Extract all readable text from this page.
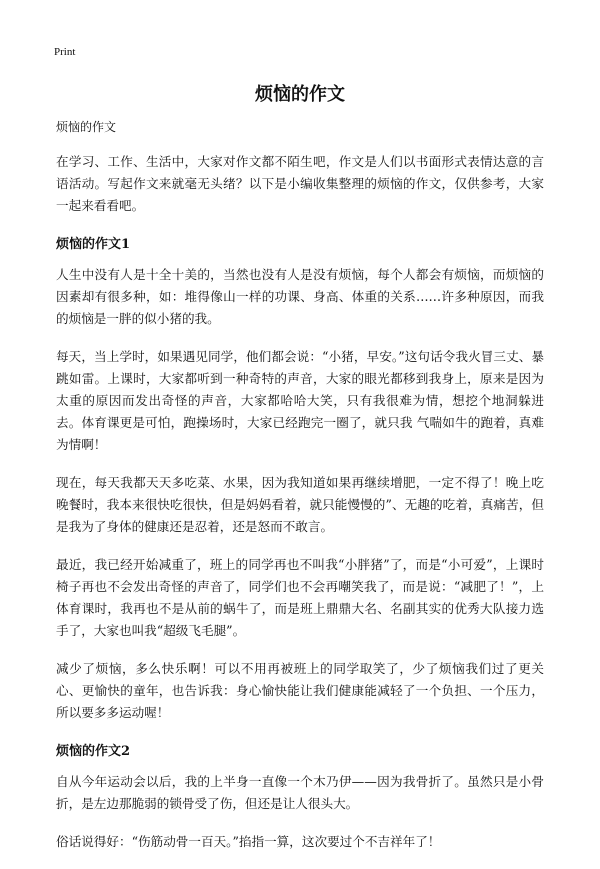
Print
烦恼的作文
烦恼的作文

在学习、工作、生活中，大家对作文都不陌生吧，作文是人们以书面形式表情达意的言语活动。写起作文来就毫无头绪？以下是小编收集整理的烦恼的作文，仅供参考，大家一起来看看吧。

烦恼的作文1

人生中没有人是十全十美的，当然也没有人是没有烦恼，每个人都会有烦恼，而烦恼的因素却有很多种，如：堆得像山一样的功课、身高、体重的关系……许多种原因，而我的烦恼是一胖的似小猪的我。

每天，当上学时，如果遇见同学，他们都会说：“小猪，早安。”这句话令我火冒三丈、暴跳如雷。上课时，大家都听到一种奇特的声音，大家的眼光都移到我身上，原来是因为太重的原因而发出奇怪的声音，大家都哈哈大笑，只有我很难为情，想挖个地洞躲进去。体育课更是可怕，跑操场时，大家已经跑完一圈了，就只我 气喘如牛的跑着，真难为情啊！

现在，每天我都天天多吃菜、水果，因为我知道如果再继续增肥，一定不得了！晚上吃晚餐时，我本来很快吃很快，但是妈妈看着，就只能慢慢的”、无趣的吃着，真痛苦，但是我为了身体的健康还是忍着，还是怒而不敢言。

最近，我已经开始减重了，班上的同学再也不叫我“小胖猪”了，而是“小可爱”，上课时椅子再也不会发出奇怪的声音了，同学们也不会再嘲笑我了，而是说：“减肥了！”，上体育课时，我再也不是从前的蜗牛了，而是班上鼎鼎大名、名副其实的优秀大队接力选手了，大家也叫我“超级飞毛腿”。

减少了烦恼，多么快乐啊！可以不用再被班上的同学取笑了，少了烦恼我们过了更关心、更愉快的童年，也告诉我：身心愉快能让我们健康能减轻了一个负担、一个压力，所以要多多运动喔！

烦恼的作文2

自从今年运动会以后，我的上半身一直像一个木乃伊——因为我骨折了。虽然只是小骨折，是左边那脆弱的锁骨受了伤，但还是让人很头大。

俗话说得好：“伤筋动骨一百天。”掐指一算，这次要过个不吉祥年了！
